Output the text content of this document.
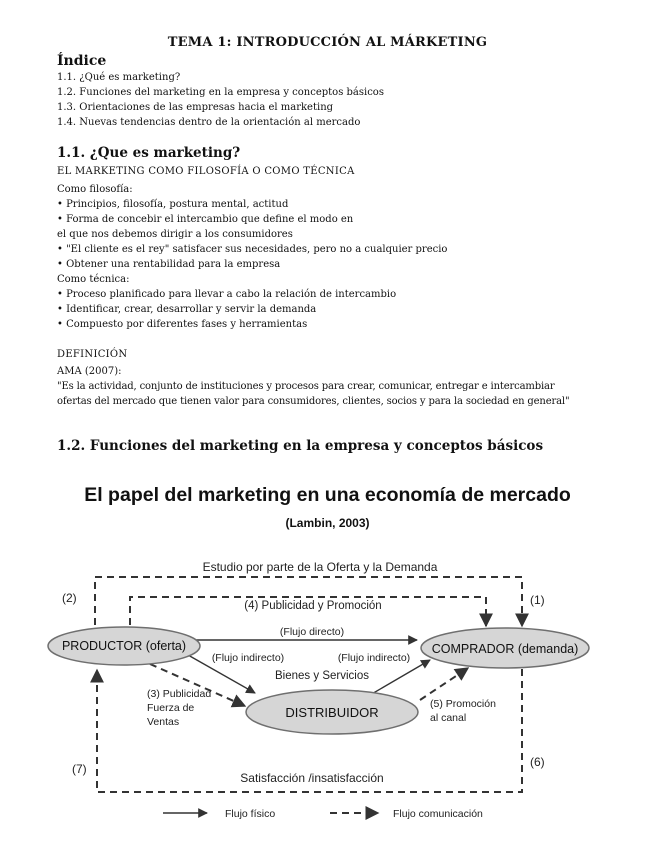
TEMA 1: INTRODUCCIÓN AL MÁRKETING
Índice
1.1. ¿Qué es marketing?
1.2. Funciones del marketing en la empresa y conceptos básicos
1.3. Orientaciones de las empresas hacia el marketing
1.4. Nuevas tendencias dentro de la orientación al mercado
1.1. ¿Que es marketing?
EL MARKETING COMO FILOSOFÍA O COMO TÉCNICA
Como filosofía:
• Principios, filosofía, postura mental, actitud
• Forma de concebir el intercambio que define el modo en
el que nos debemos dirigir a los consumidores
• "El cliente es el rey" satisfacer sus necesidades, pero no a cualquier precio
• Obtener una rentabilidad para la empresa
Como técnica:
• Proceso planificado para llevar a cabo la relación de intercambio
• Identificar, crear, desarrollar y servir la demanda
• Compuesto por diferentes fases y herramientas
DEFINICIÓN
AMA (2007):
"Es la actividad, conjunto de instituciones y procesos para crear, comunicar, entregar e intercambiar
ofertas del mercado que tienen valor para consumidores, clientes, socios y para la sociedad en general"
1.2. Funciones del marketing en la empresa y conceptos básicos
El papel del marketing en una economía de mercado
(Lambin, 2003)
PRODUCTOR (oferta)	COMPRADOR (demanda)
DISTRIBUIDOR
Estudio por parte de la Oferta y la Demanda
(4) Publicidad y Promoción
(Flujo directo)
(Flujo indirecto)	(Flujo indirecto)
Bienes y Servicios
(3) Publicidad
Fuerza de
Ventas
(5) Promoción
al canal
Satisfacción /insatisfacción
(1)
(2)
(6)
(7)
Flujo físico	Flujo comunicación
